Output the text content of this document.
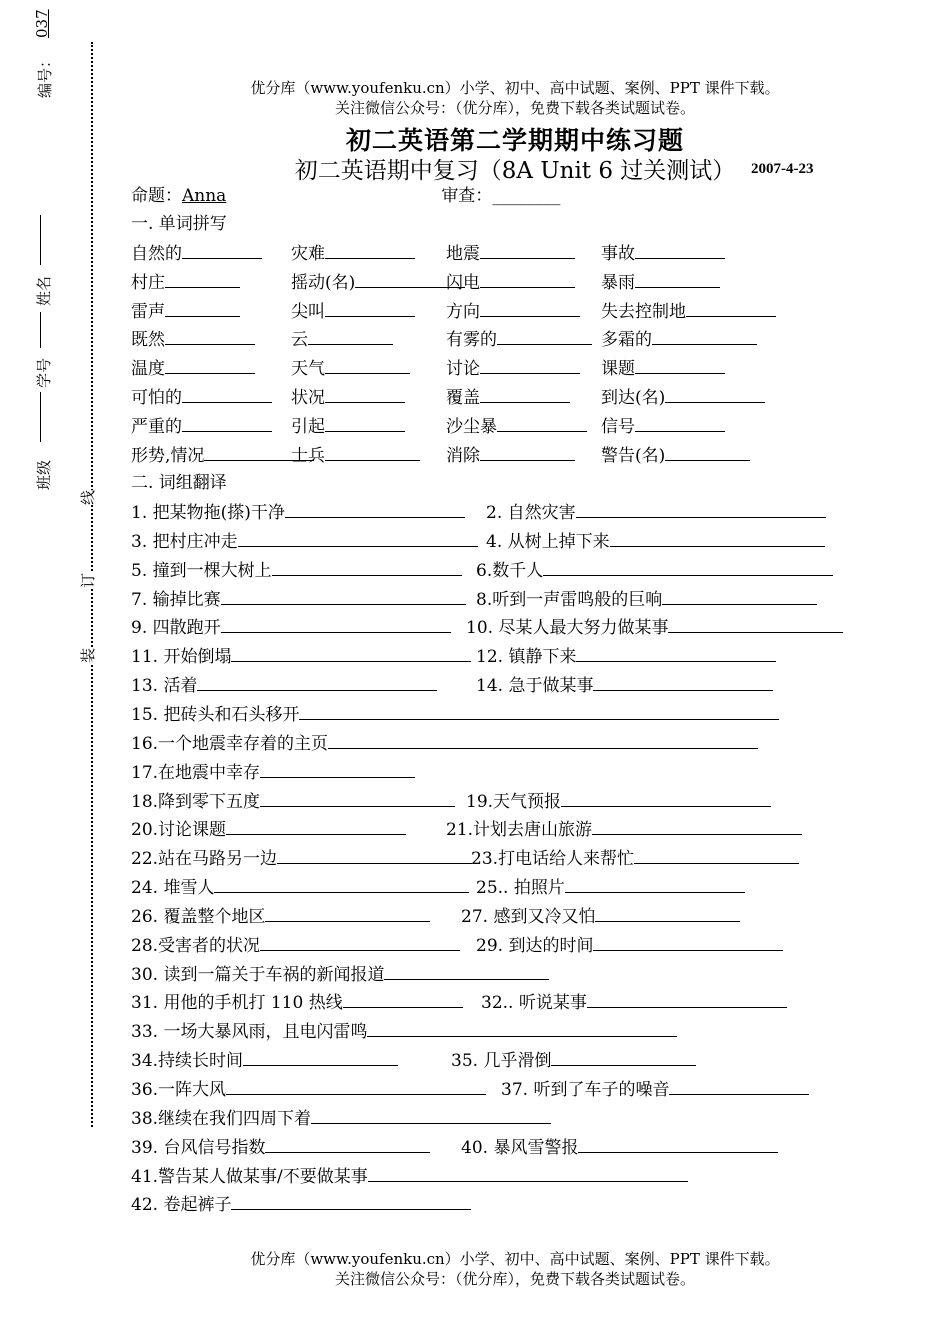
编号：
037
班级
学号
姓名
装
订
线
优分库（www.youfenku.cn）小学、初中、高中试题、案例、PPT 课件下载。
关注微信公众号：（优分库），免费下载各类试题试卷。
初二英语第二学期期中练习题
初二英语期中复习（8A Unit 6 过关测试）	2007-4-23
命题：Anna	审查：________
一. 单词拼写
自然的	灾难	地震	事故
村庄	摇动(名)	闪电	暴雨
雷声	尖叫	方向	失去控制地
既然	云	有雾的	多霜的
温度	天气	讨论	课题
可怕的	状况	覆盖	到达(名)
严重的	引起	沙尘暴	信号
形势,情况	士兵	消除	警告(名)
二. 词组翻译
1. 把某物拖(搽)干净	2. 自然灾害
3. 把村庄冲走	4. 从树上掉下来
5. 撞到一棵大树上	6.数千人
7. 输掉比赛	8.听到一声雷鸣般的巨响
9. 四散跑开	10. 尽某人最大努力做某事
11. 开始倒塌	12. 镇静下来
13. 活着	14. 急于做某事
15. 把砖头和石头移开
16.一个地震幸存着的主页
17.在地震中幸存
18.降到零下五度	19.天气预报
20.讨论课题	21.计划去唐山旅游
22.站在马路另一边	23.打电话给人来帮忙
24. 堆雪人	25.. 拍照片
26. 覆盖整个地区	27. 感到又冷又怕
28.受害者的状况	29. 到达的时间
30. 读到一篇关于车祸的新闻报道
31. 用他的手机打 110 热线	32.. 听说某事
33. 一场大暴风雨，且电闪雷鸣
34.持续长时间	35. 几乎滑倒
36.一阵大风	37. 听到了车子的噪音
38.继续在我们四周下着
39. 台风信号指数	40. 暴风雪警报
41.警告某人做某事/不要做某事
42. 卷起裤子
优分库（www.youfenku.cn）小学、初中、高中试题、案例、PPT 课件下载。
关注微信公众号：（优分库），免费下载各类试题试卷。
